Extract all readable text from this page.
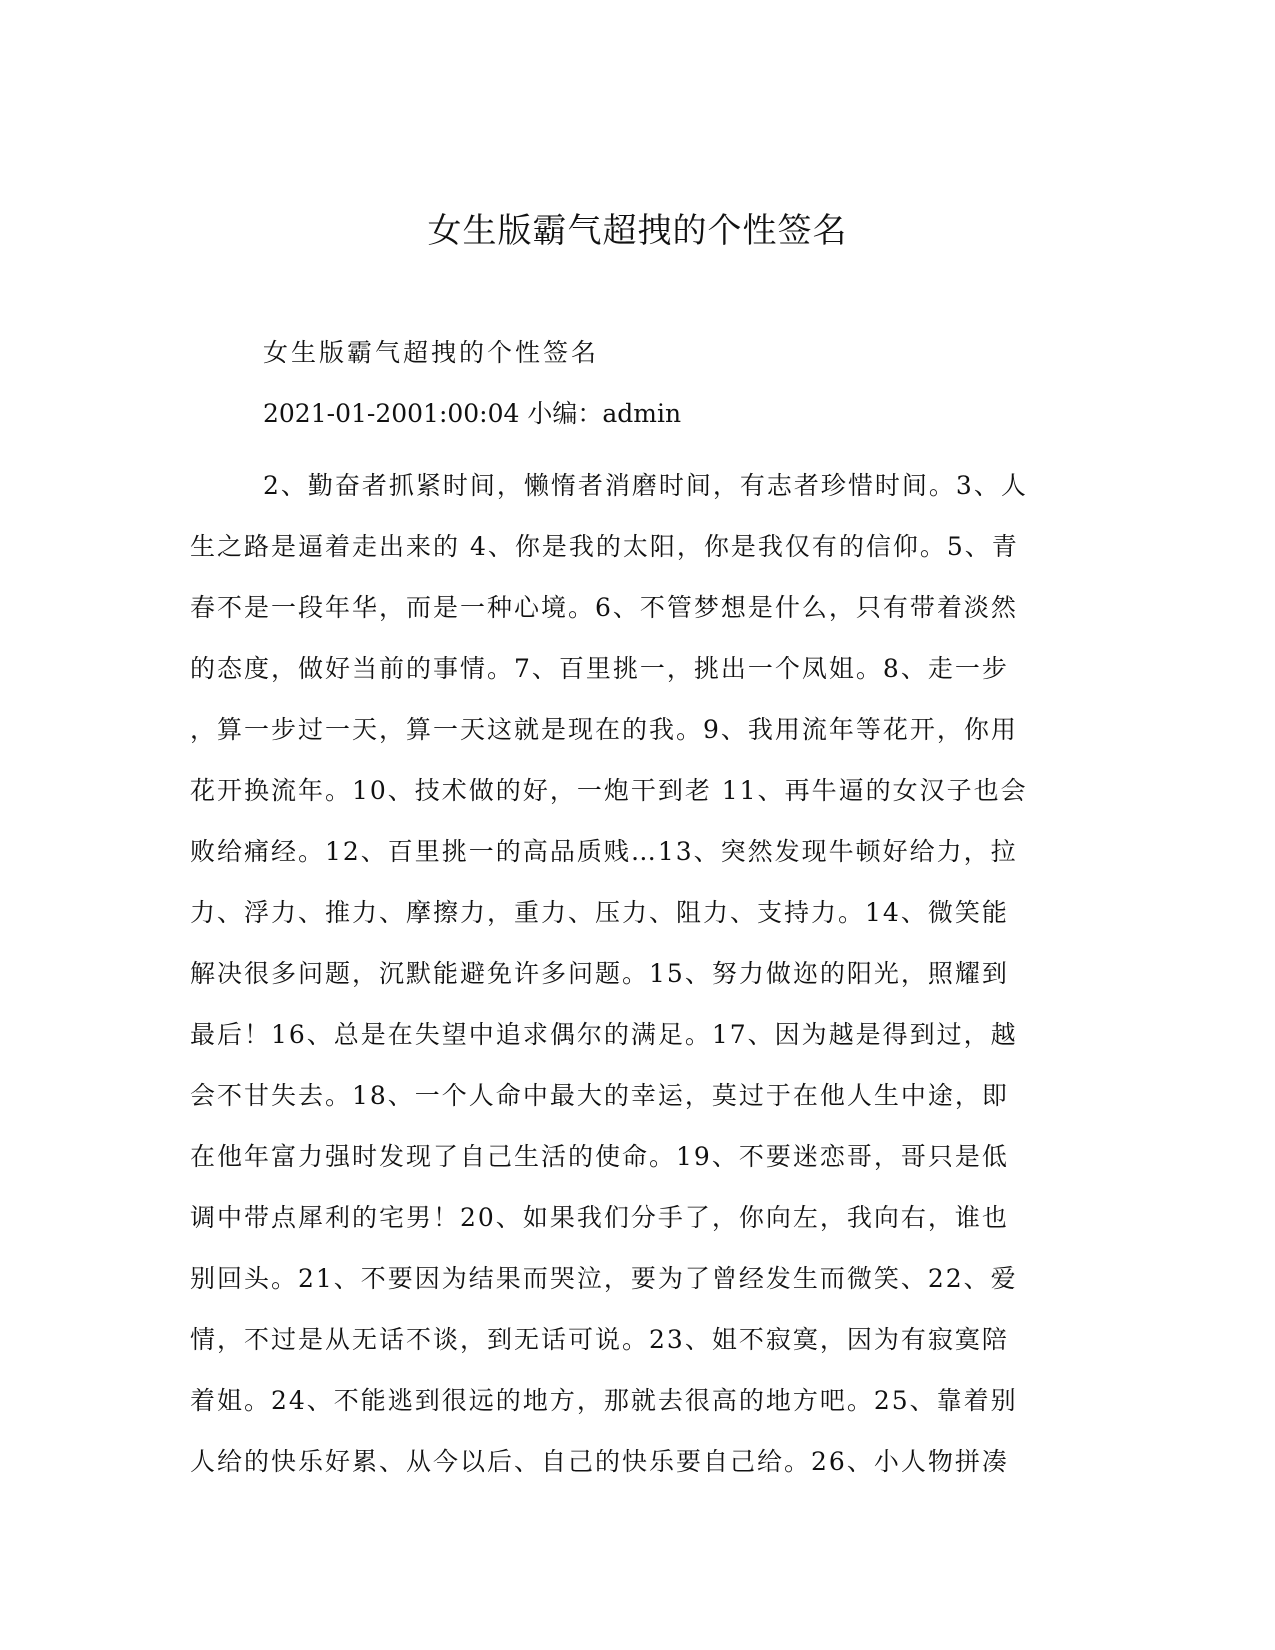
女生版霸气超拽的个性签名
女生版霸气超拽的个性签名
2021-01-2001:00:04 小编：admin
2、勤奋者抓紧时间，懒惰者消磨时间，有志者珍惜时间。3、人
生之路是逼着走出来的 4、你是我的太阳，你是我仅有的信仰。5、青
春不是一段年华，而是一种心境。6、不管梦想是什么，只有带着淡然
的态度，做好当前的事情。7、百里挑一，挑出一个凤姐。8、走一步
，算一步过一天，算一天这就是现在的我。9、我用流年等花开，你用
花开换流年。10、技术做的好，一炮干到老 11、再牛逼的女汉子也会
败给痛经。12、百里挑一的高品质贱…13、突然发现牛顿好给力，拉
力、浮力、推力、摩擦力，重力、压力、阻力、支持力。14、微笑能
解决很多问题，沉默能避免许多问题。15、努力做迩的阳光，照耀到
最后！16、总是在失望中追求偶尔的满足。17、因为越是得到过，越
会不甘失去。18、一个人命中最大的幸运，莫过于在他人生中途，即
在他年富力强时发现了自己生活的使命。19、不要迷恋哥，哥只是低
调中带点犀利的宅男！20、如果我们分手了，你向左，我向右，谁也
别回头。21、不要因为结果而哭泣，要为了曾经发生而微笑、22、爱
情，不过是从无话不谈，到无话可说。23、姐不寂寞，因为有寂寞陪
着姐。24、不能逃到很远的地方，那就去很高的地方吧。25、靠着别
人给的快乐好累、从今以后、自己的快乐要自己给。26、小人物拼凑
